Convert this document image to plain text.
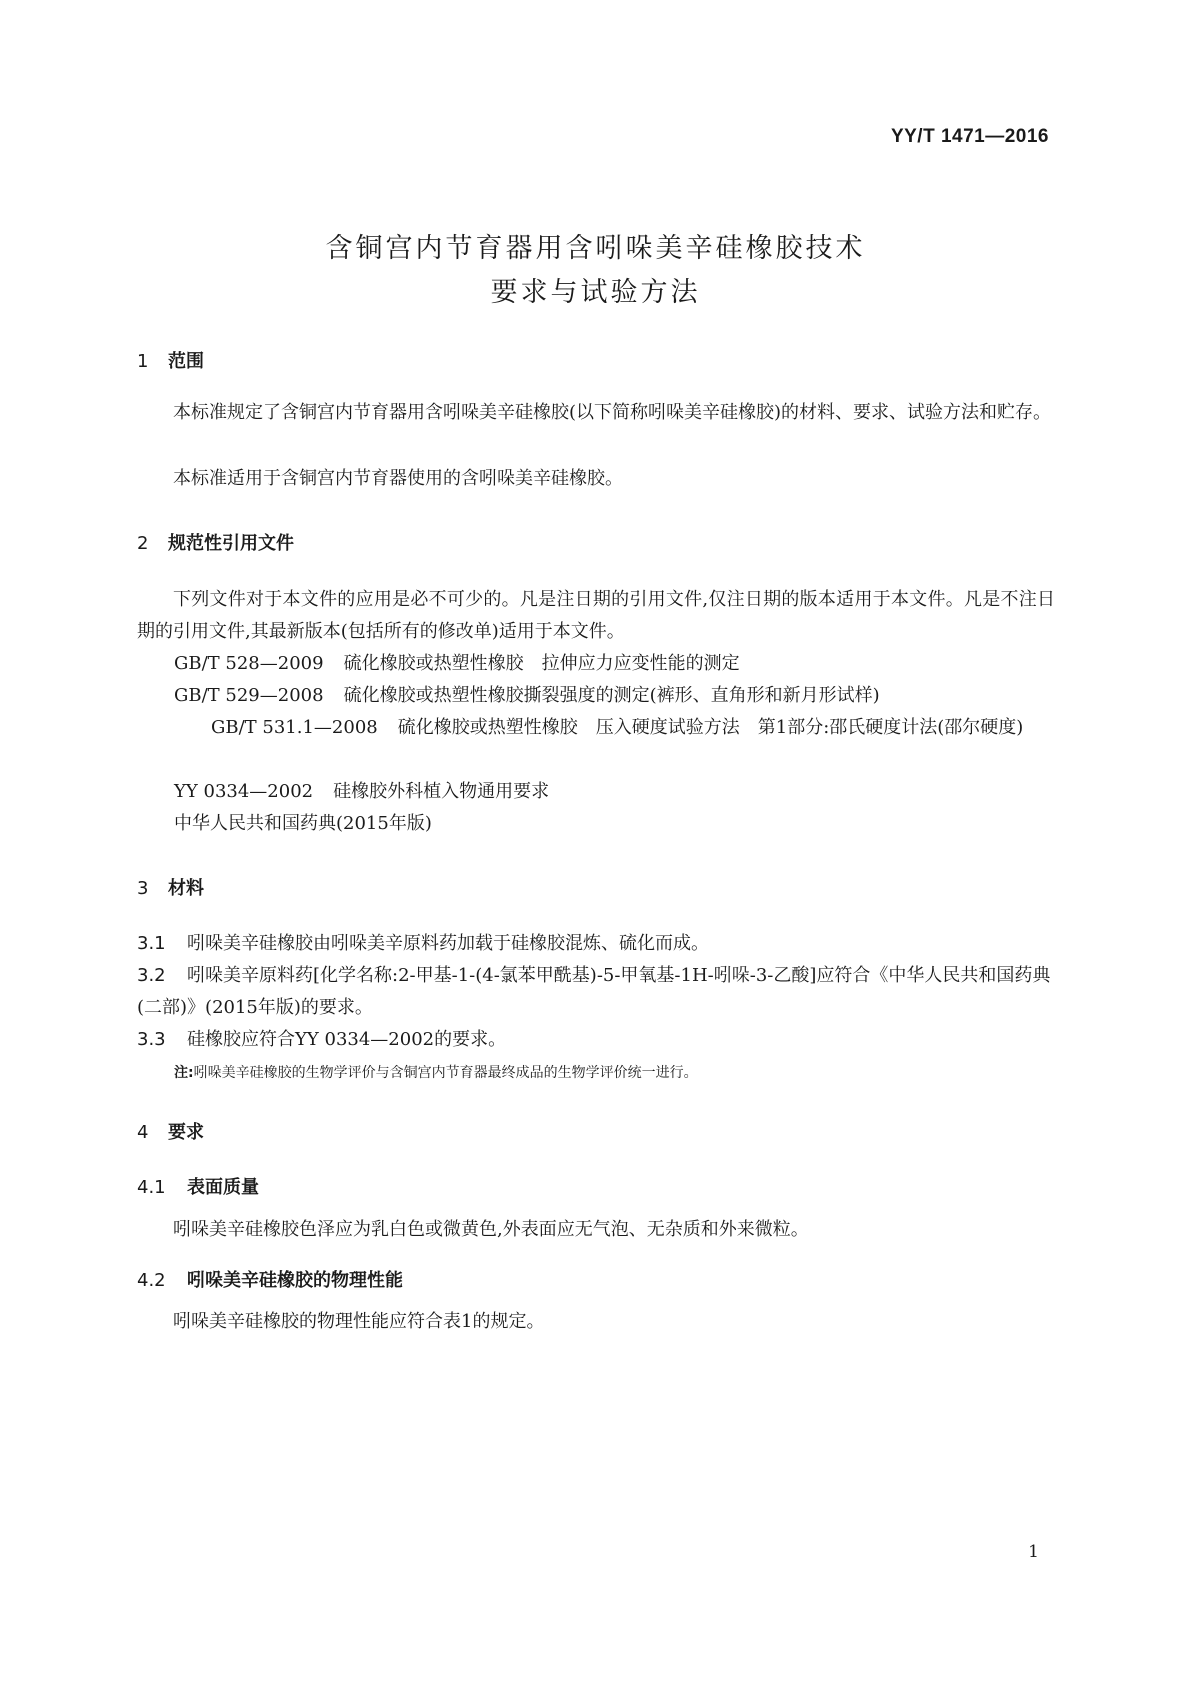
YY/T 1471—2016
含铜宫内节育器用含吲哚美辛硅橡胶技术
要求与试验方法
1 范围
本标准规定了含铜宫内节育器用含吲哚美辛硅橡胶(以下简称吲哚美辛硅橡胶)的材料、要求、试验方法和贮存。
本标准适用于含铜宫内节育器使用的含吲哚美辛硅橡胶。
2 规范性引用文件
下列文件对于本文件的应用是必不可少的。凡是注日期的引用文件,仅注日期的版本适用于本文件。凡是不注日期的引用文件,其最新版本(包括所有的修改单)适用于本文件。
GB/T 528—2009 硫化橡胶或热塑性橡胶　拉伸应力应变性能的测定
GB/T 529—2008 硫化橡胶或热塑性橡胶撕裂强度的测定(裤形、直角形和新月形试样)
GB/T 531.1—2008 硫化橡胶或热塑性橡胶　压入硬度试验方法　第1部分:邵氏硬度计法(邵尔硬度)
YY 0334—2002 硅橡胶外科植入物通用要求
中华人民共和国药典(2015年版)
3 材料
3.1 吲哚美辛硅橡胶由吲哚美辛原料药加载于硅橡胶混炼、硫化而成。
3.2 吲哚美辛原料药[化学名称:2-甲基-1-(4-氯苯甲酰基)-5-甲氧基-1H-吲哚-3-乙酸]应符合《中华人民共和国药典(二部)》(2015年版)的要求。
3.3 硅橡胶应符合YY 0334—2002的要求。
注:吲哚美辛硅橡胶的生物学评价与含铜宫内节育器最终成品的生物学评价统一进行。
4 要求
4.1 表面质量
吲哚美辛硅橡胶色泽应为乳白色或微黄色,外表面应无气泡、无杂质和外来微粒。
4.2 吲哚美辛硅橡胶的物理性能
吲哚美辛硅橡胶的物理性能应符合表1的规定。
1
